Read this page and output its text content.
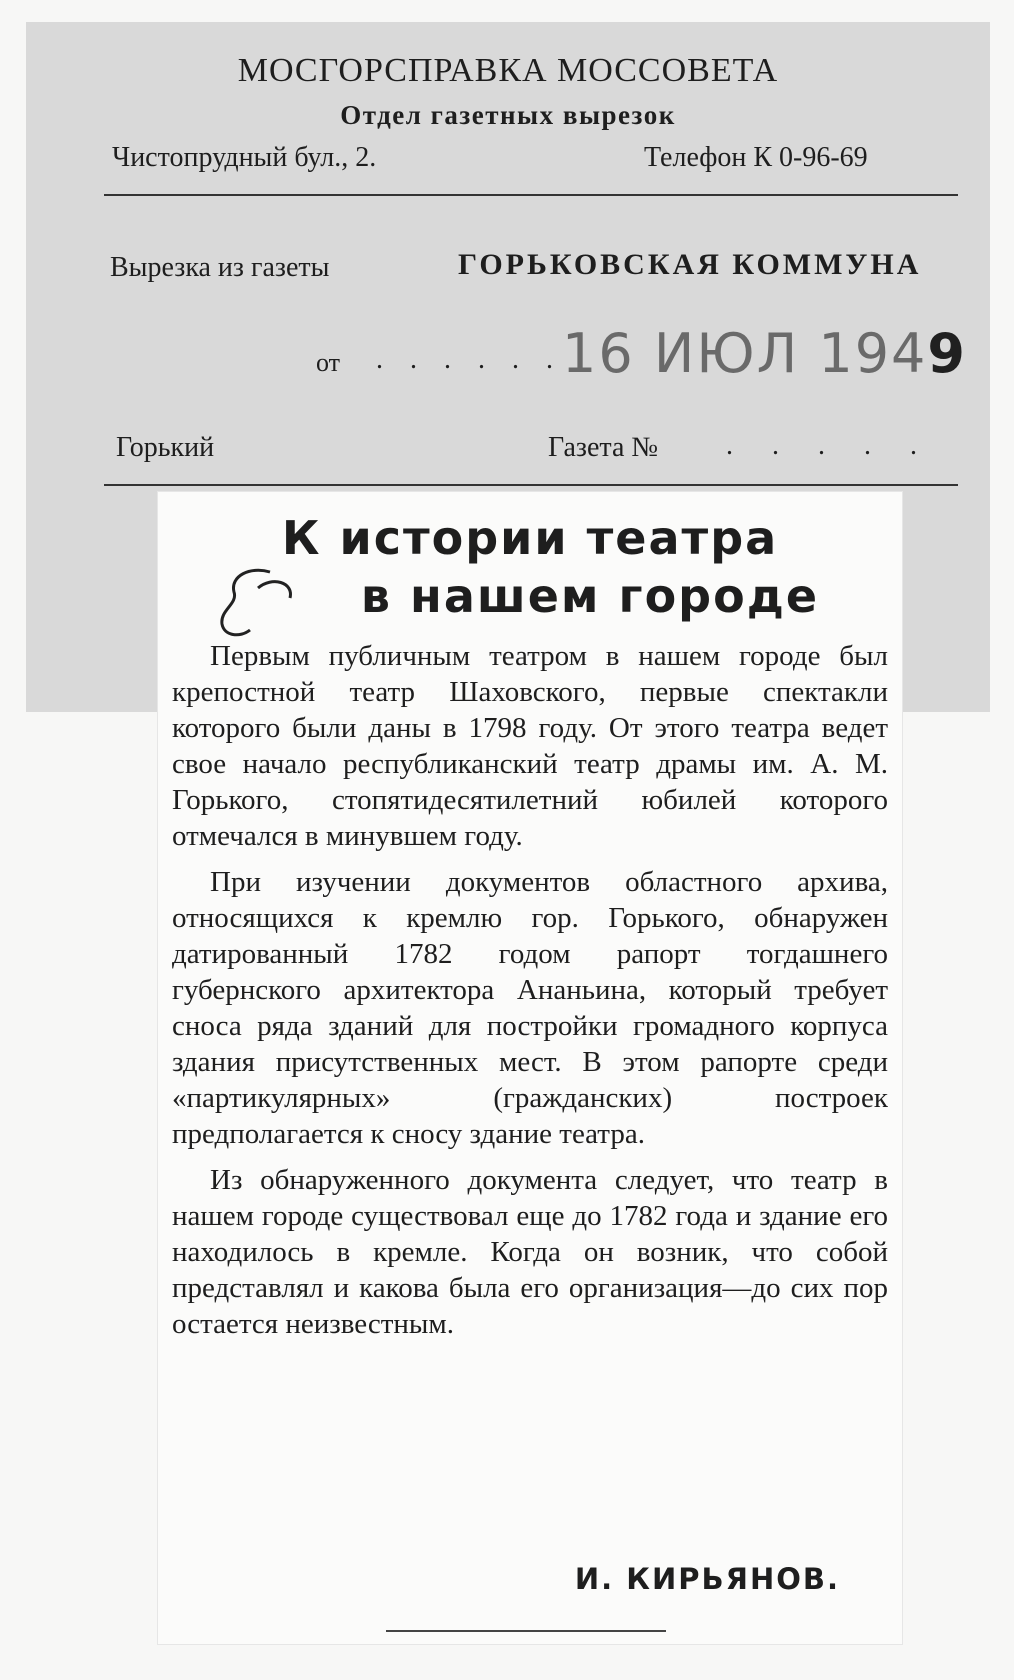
МОСГОРСПРАВКА МОССОВЕТА
Отдел газетных вырезок
Чистопрудный бул., 2.	Телефон К 0-96-69
Вырезка из газеты	ГОРЬКОВСКАЯ КОММУНА
от . . . . . . 16 ИЮЛ 1949
Горький	Газета № . . . . .
К истории театра
в нашем городе

Первым публичным театром в нашем городе был крепостной театр Шаховского, первые спектакли которого были даны в 1798 году. От этого театра ведет свое начало республиканский театр драмы им. А. М. Горького, стопятидесятилетний юбилей которого отмечался в минувшем году.

При изучении документов областного архива, относящихся к кремлю гор. Горького, обнаружен датированный 1782 годом рапорт тогдашнего губернского архитектора Ананьина, который требует сноса ряда зданий для постройки громадного корпуса здания присутственных мест. В этом рапорте среди «партикулярных» (гражданских) построек предполагается к сносу здание театра.

Из обнаруженного документа следует, что театр в нашем городе существовал еще до 1782 года и здание его находилось в кремле. Когда он возник, что собой представлял и какова была его организация—до сих пор остается неизвестным.

И. КИРЬЯНОВ.
